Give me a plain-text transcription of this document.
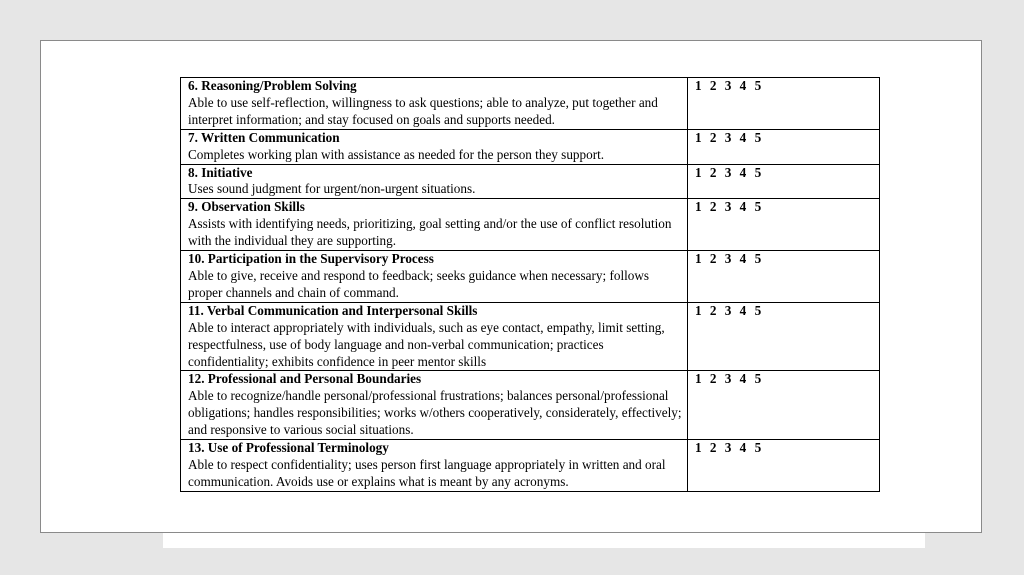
6. Reasoning/Problem Solving
Able to use self-reflection, willingness to ask questions; able to analyze, put together and interpret information; and stay focused on goals and supports needed.	1 2 3 4 5

7. Written Communication
Completes working plan with assistance as needed for the person they support.	1 2 3 4 5

8. Initiative
Uses sound judgment for urgent/non-urgent situations.	1 2 3 4 5

9. Observation Skills
Assists with identifying needs, prioritizing, goal setting and/or the use of conflict resolution with the individual they are supporting.	1 2 3 4 5

10. Participation in the Supervisory Process
Able to give, receive and respond to feedback; seeks guidance when necessary; follows proper channels and chain of command.	1 2 3 4 5

11. Verbal Communication and Interpersonal Skills
Able to interact appropriately with individuals, such as eye contact, empathy, limit setting, respectfulness, use of body language and non-verbal communication; practices confidentiality; exhibits confidence in peer mentor skills	1 2 3 4 5

12. Professional and Personal Boundaries
Able to recognize/handle personal/professional frustrations; balances personal/professional obligations; handles responsibilities; works w/others cooperatively, considerately, effectively; and responsive to various social situations.	1 2 3 4 5

13. Use of Professional Terminology
Able to respect confidentiality; uses person first language appropriately in written and oral communication. Avoids use or explains what is meant by any acronyms.	1 2 3 4 5
